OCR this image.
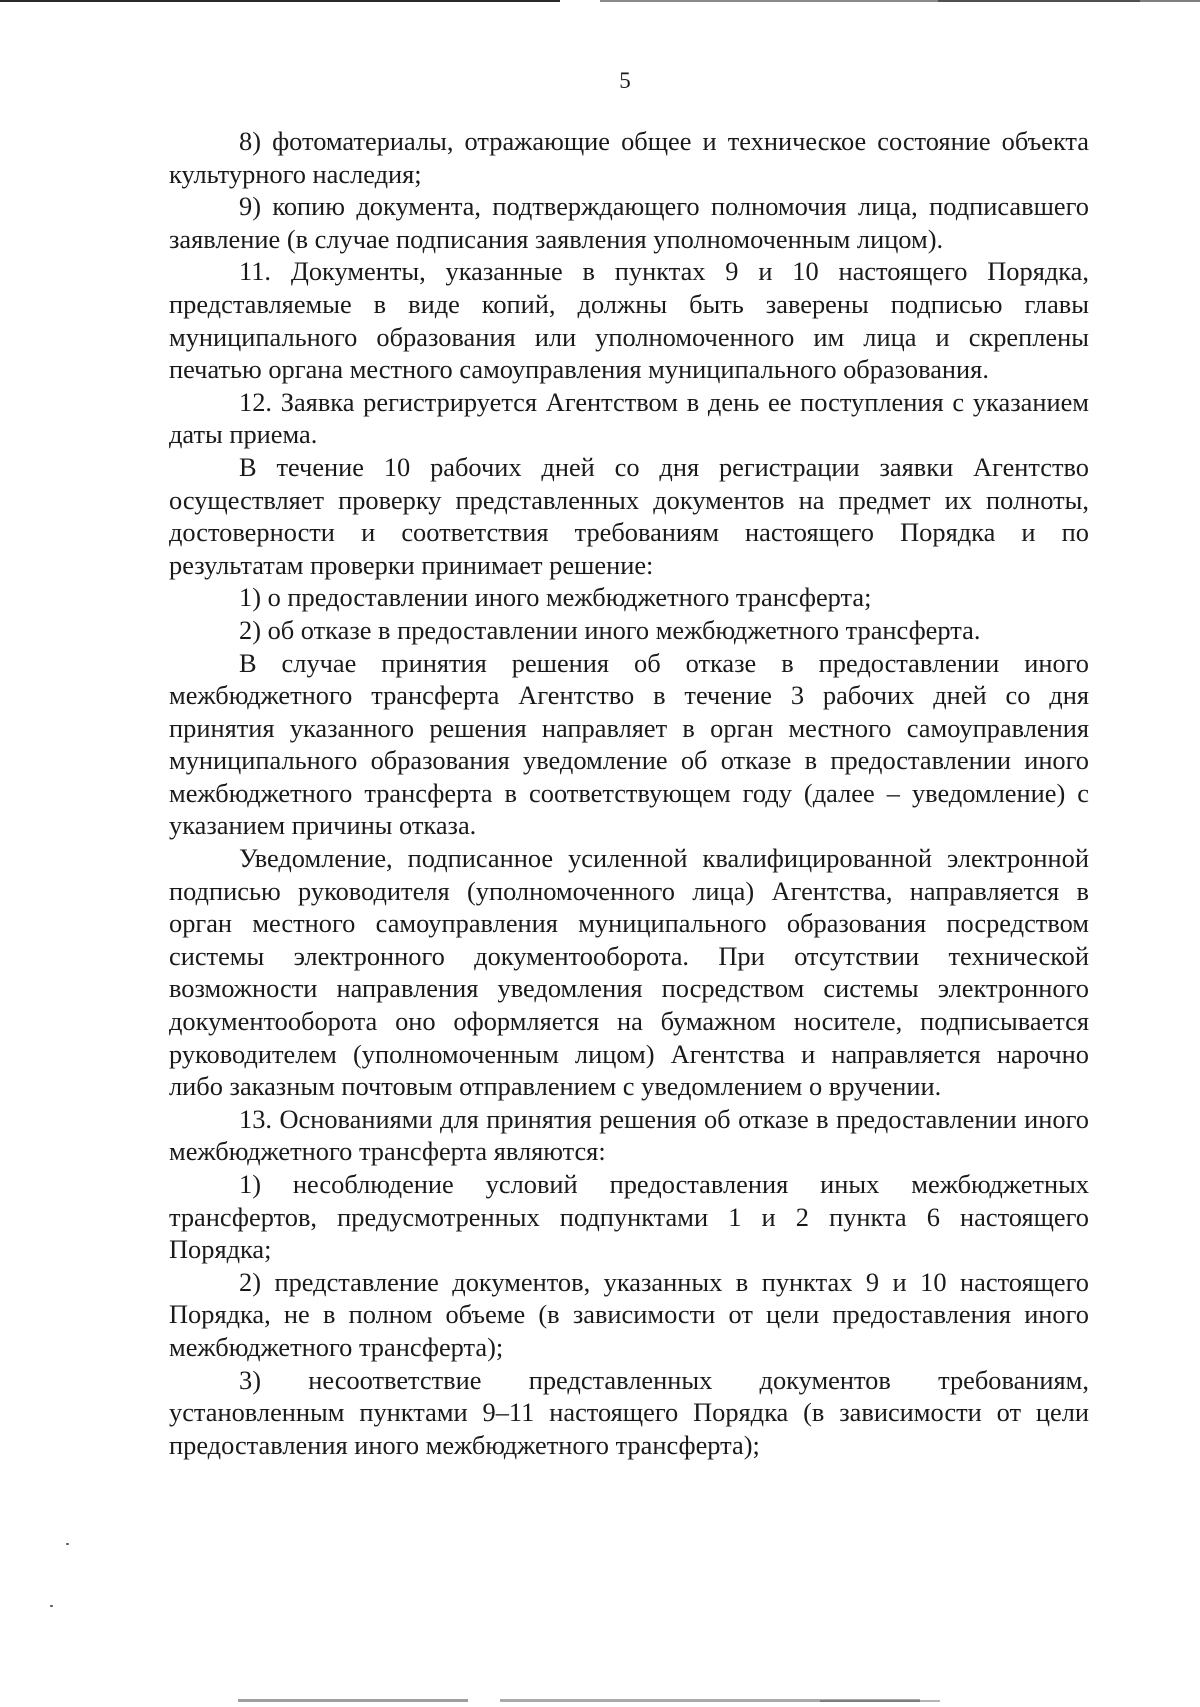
5

8) фотоматериалы, отражающие общее и техническое состояние объекта культурного наследия;

9) копию документа, подтверждающего полномочия лица, подписавшего заявление (в случае подписания заявления уполномоченным лицом).

11. Документы, указанные в пунктах 9 и 10 настоящего Порядка, представляемые в виде копий, должны быть заверены подписью главы муниципального образования или уполномоченного им лица и скреплены печатью органа местного самоуправления муниципального образования.

12. Заявка регистрируется Агентством в день ее поступления с указанием даты приема.

В течение 10 рабочих дней со дня регистрации заявки Агентство осуществляет проверку представленных документов на предмет их полноты, достоверности и соответствия требованиям настоящего Порядка и по результатам проверки принимает решение:

1) о предоставлении иного межбюджетного трансферта;

2) об отказе в предоставлении иного межбюджетного трансферта.

В случае принятия решения об отказе в предоставлении иного межбюджетного трансферта Агентство в течение 3 рабочих дней со дня принятия указанного решения направляет в орган местного самоуправления муниципального образования уведомление об отказе в предоставлении иного межбюджетного трансферта в соответствующем году (далее – уведомление) с указанием причины отказа.

Уведомление, подписанное усиленной квалифицированной электронной подписью руководителя (уполномоченного лица) Агентства, направляется в орган местного самоуправления муниципального образования посредством системы электронного документооборота. При отсутствии технической возможности направления уведомления посредством системы электронного документооборота оно оформляется на бумажном носителе, подписывается руководителем (уполномоченным лицом) Агентства и направляется нарочно либо заказным почтовым отправлением с уведомлением о вручении.

13. Основаниями для принятия решения об отказе в предоставлении иного межбюджетного трансферта являются:

1) несоблюдение условий предоставления иных межбюджетных трансфертов, предусмотренных подпунктами 1 и 2 пункта 6 настоящего Порядка;

2) представление документов, указанных в пунктах 9 и 10 настоящего Порядка, не в полном объеме (в зависимости от цели предоставления иного межбюджетного трансферта);

3) несоответствие представленных документов требованиям, установленным пунктами 9–11 настоящего Порядка (в зависимости от цели предоставления иного межбюджетного трансферта);
